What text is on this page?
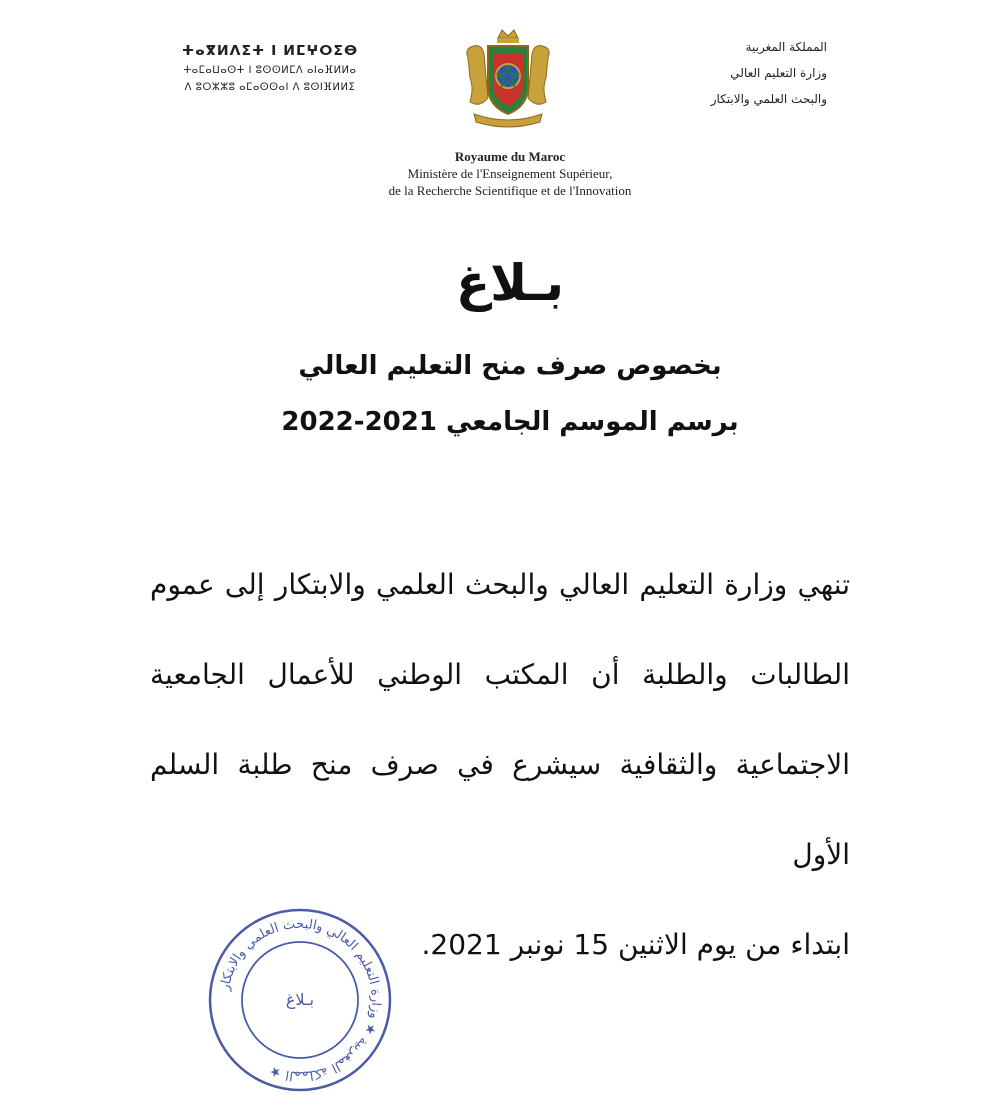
ⵜⴰⴳⵍⴷⵉⵜ ⵏ ⵍⵎⵖⵔⵉⴱ
ⵜⴰⵎⴰⵡⴰⵙⵜ ⵏ ⵓⵙⵙⵍⵎⴷ ⴰⵏⴰⴼⵍⵍⴰ
ⴷ ⵓⵔⵣⵣⵓ ⴰⵎⴰⵙⵙⴰⵏ ⴷ ⵓⵙⵏⴼⵍⵍⵉ
المملكة المغربية
وزارة التعليم العالي
والبحث العلمي والابتكار
Royaume du Maroc
Ministère de l'Enseignement Supérieur,
de la Recherche Scientifique et de l'Innovation
بـلاغ
بخصوص صرف منح التعليم العالي
برسم الموسم الجامعي 2021-2022
تنهي وزارة التعليم العالي والبحث العلمي والابتكار إلى عموم
الطالبات والطلبة أن المكتب الوطني للأعمال الجامعية
الاجتماعية والثقافية سيشرع في صرف منح طلبة السلم الأول
ابتداء من يوم الاثنين 15 نونبر 2021.
المملكة المغربية ★ وزارة التعليم العالي والبحث العلمي والابتكار ★
بـلاغ
